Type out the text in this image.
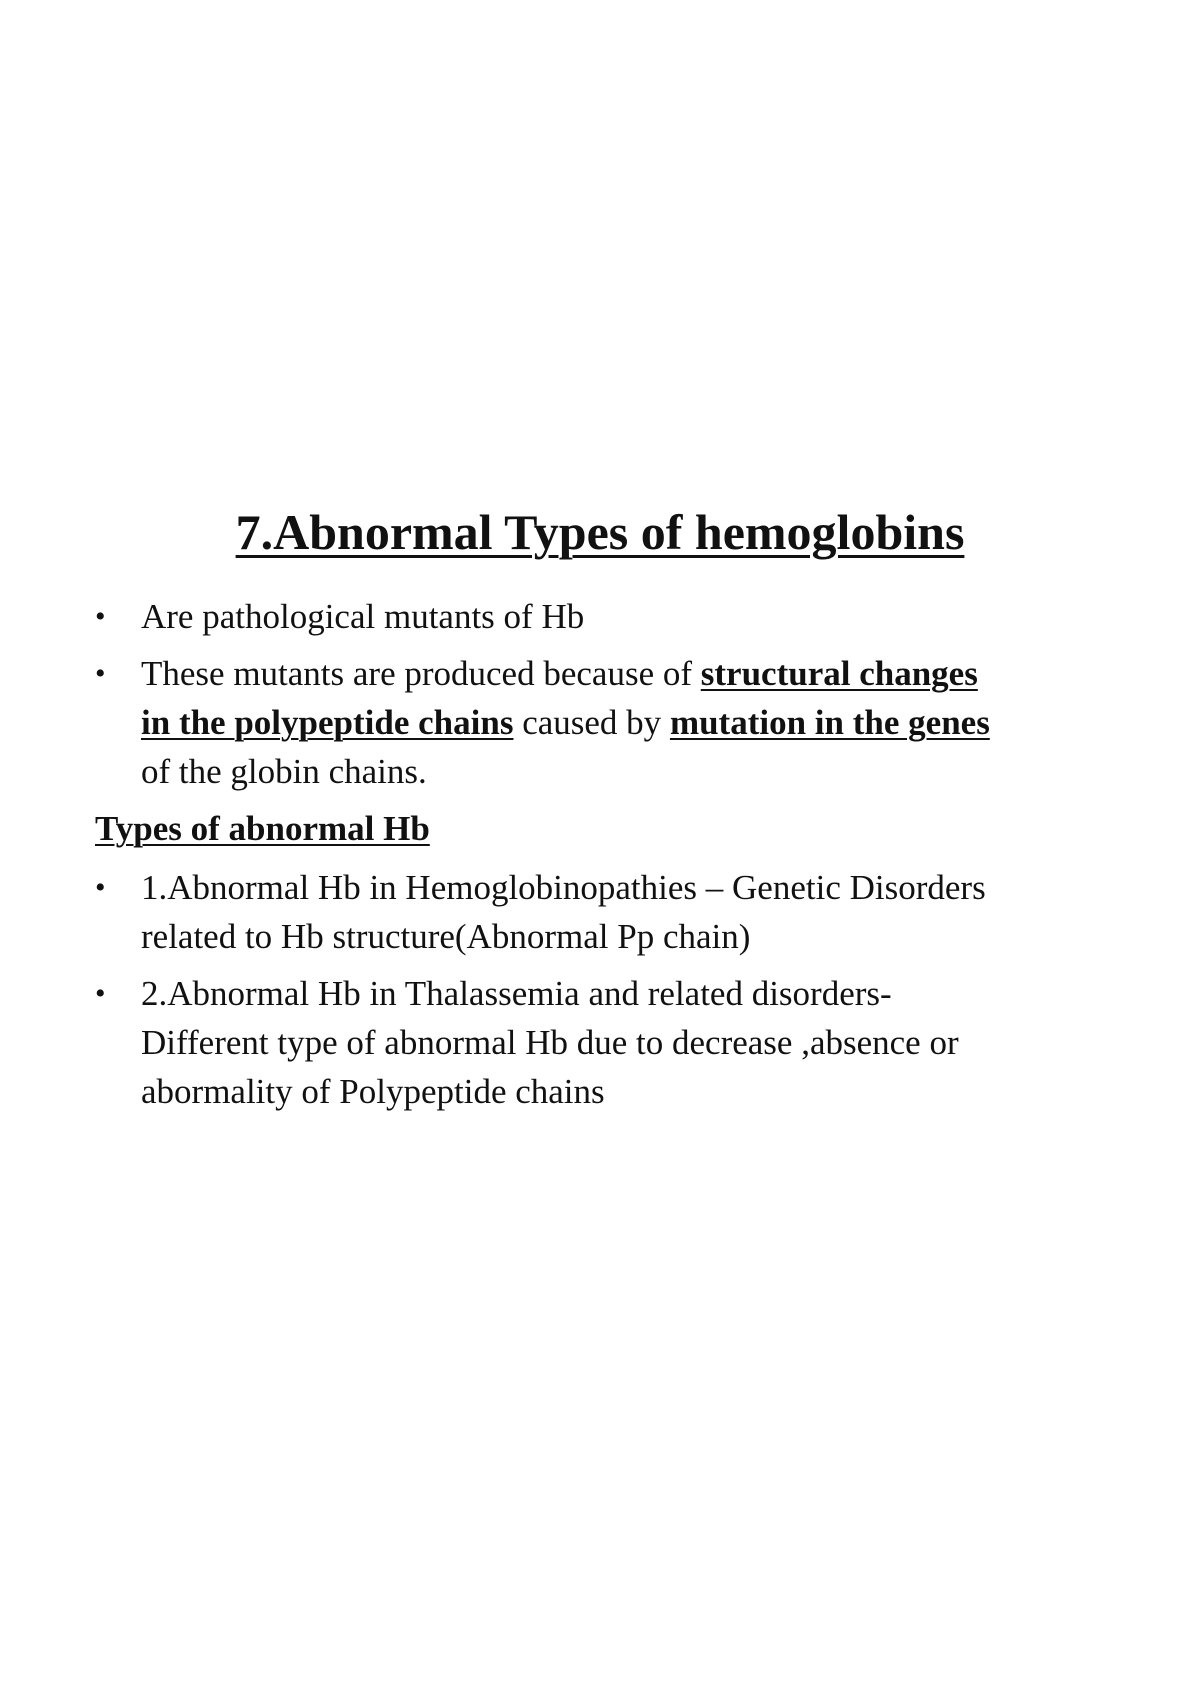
7.Abnormal Types of hemoglobins
• Are pathological mutants of Hb
• These mutants are produced because of structural changes
in the polypeptide chains caused by mutation in the genes
of the globin chains.
Types of abnormal Hb
• 1.Abnormal Hb in Hemoglobinopathies – Genetic Disorders
related to Hb structure(Abnormal Pp chain)
• 2.Abnormal Hb in Thalassemia and related disorders-
Different type of abnormal Hb due to decrease ,absence or
abormality of Polypeptide chains
